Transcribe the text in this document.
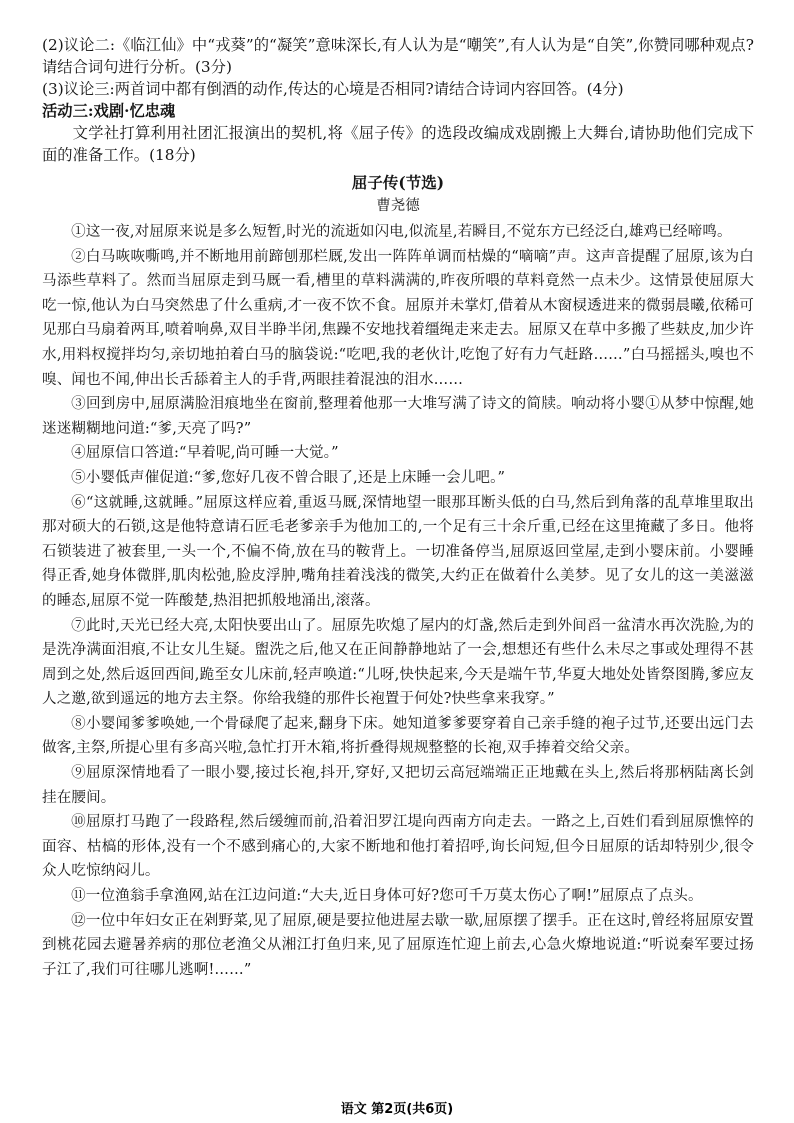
(2)议论二:《临江仙》中“戎葵”的“凝笑”意味深长,有人认为是“嘲笑”,有人认为是“自笑”,你赞同哪种观点?请结合词句进行分析。(3分)

(3)议论三:两首词中都有倒酒的动作,传达的心境是否相同?请结合诗词内容回答。(4分)

活动三:戏剧·忆忠魂

文学社打算利用社团汇报演出的契机,将《屈子传》的选段改编成戏剧搬上大舞台,请协助他们完成下面的准备工作。(18分)

屈子传(节选)

曹尧德

①这一夜,对屈原来说是多么短暂,时光的流逝如闪电,似流星,若瞬目,不觉东方已经泛白,雄鸡已经啼鸣。

②白马咴咴嘶鸣,并不断地用前蹄刨那栏厩,发出一阵阵单调而枯燥的“嘀嘀”声。这声音提醒了屈原,该为白马添些草料了。然而当屈原走到马厩一看,槽里的草料满满的,昨夜所喂的草料竟然一点未少。这情景使屈原大吃一惊,他认为白马突然患了什么重病,才一夜不饮不食。屈原并未掌灯,借着从木窗棂透进来的微弱晨曦,依稀可见那白马扇着两耳,喷着响鼻,双目半睁半闭,焦躁不安地找着缰绳走来走去。屈原又在草中多搬了些麸皮,加少许水,用料杈搅拌均匀,亲切地拍着白马的脑袋说:“吃吧,我的老伙计,吃饱了好有力气赶路……”白马摇摇头,嗅也不嗅、闻也不闻,伸出长舌舔着主人的手背,两眼挂着混浊的泪水……

③回到房中,屈原满脸泪痕地坐在窗前,整理着他那一大堆写满了诗文的简牍。响动将小婴①从梦中惊醒,她迷迷糊糊地问道:“爹,天亮了吗?”

④屈原信口答道:“早着呢,尚可睡一大觉。”

⑤小婴低声催促道:“爹,您好几夜不曾合眼了,还是上床睡一会儿吧。”

⑥“这就睡,这就睡。”屈原这样应着,重返马厩,深情地望一眼那耳断头低的白马,然后到角落的乱草堆里取出那对硕大的石锁,这是他特意请石匠毛老爹亲手为他加工的,一个足有三十余斤重,已经在这里掩藏了多日。他将石锁装进了被套里,一头一个,不偏不倚,放在马的鞍背上。一切准备停当,屈原返回堂屋,走到小婴床前。小婴睡得正香,她身体微胖,肌肉松弛,脸皮浮肿,嘴角挂着浅浅的微笑,大约正在做着什么美梦。见了女儿的这一美滋滋的睡态,屈原不觉一阵酸楚,热泪把抓般地涌出,滚落。

⑦此时,天光已经大亮,太阳快要出山了。屈原先吹熄了屋内的灯盏,然后走到外间舀一盆清水再次洗脸,为的是洗净满面泪痕,不让女儿生疑。盥洗之后,他又在正间静静地站了一会,想想还有些什么未尽之事或处理得不甚周到之处,然后返回西间,跪至女儿床前,轻声唤道:“儿呀,快快起来,今天是端午节,华夏大地处处皆祭图腾,爹应友人之邀,欲到遥远的地方去主祭。你给我缝的那件长袍置于何处?快些拿来我穿。”

⑧小婴闻爹爹唤她,一个骨碌爬了起来,翻身下床。她知道爹爹要穿着自己亲手缝的袍子过节,还要出远门去做客,主祭,所提心里有多高兴啦,急忙打开木箱,将折叠得规规整整的长袍,双手捧着交给父亲。

⑨屈原深情地看了一眼小婴,接过长袍,抖开,穿好,又把切云高冠端端正正地戴在头上,然后将那柄陆离长剑挂在腰间。

⑩屈原打马跑了一段路程,然后缓缠而前,沿着汨罗江堤向西南方向走去。一路之上,百姓们看到屈原憔悴的面容、枯槁的形体,没有一个不感到痛心的,大家不断地和他打着招呼,询长问短,但今日屈原的话却特别少,很令众人吃惊纳闷儿。

⑪一位渔翁手拿渔网,站在江边问道:“大夫,近日身体可好?您可千万莫太伤心了啊!”屈原点了点头。

⑫一位中年妇女正在剁野菜,见了屈原,硬是要拉他进屋去歇一歇,屈原摆了摆手。正在这时,曾经将屈原安置到桃花园去避暑养病的那位老渔父从湘江打鱼归来,见了屈原连忙迎上前去,心急火燎地说道:“听说秦军要过扬子江了,我们可往哪儿逃啊!……”

语文 第2页(共6页)
